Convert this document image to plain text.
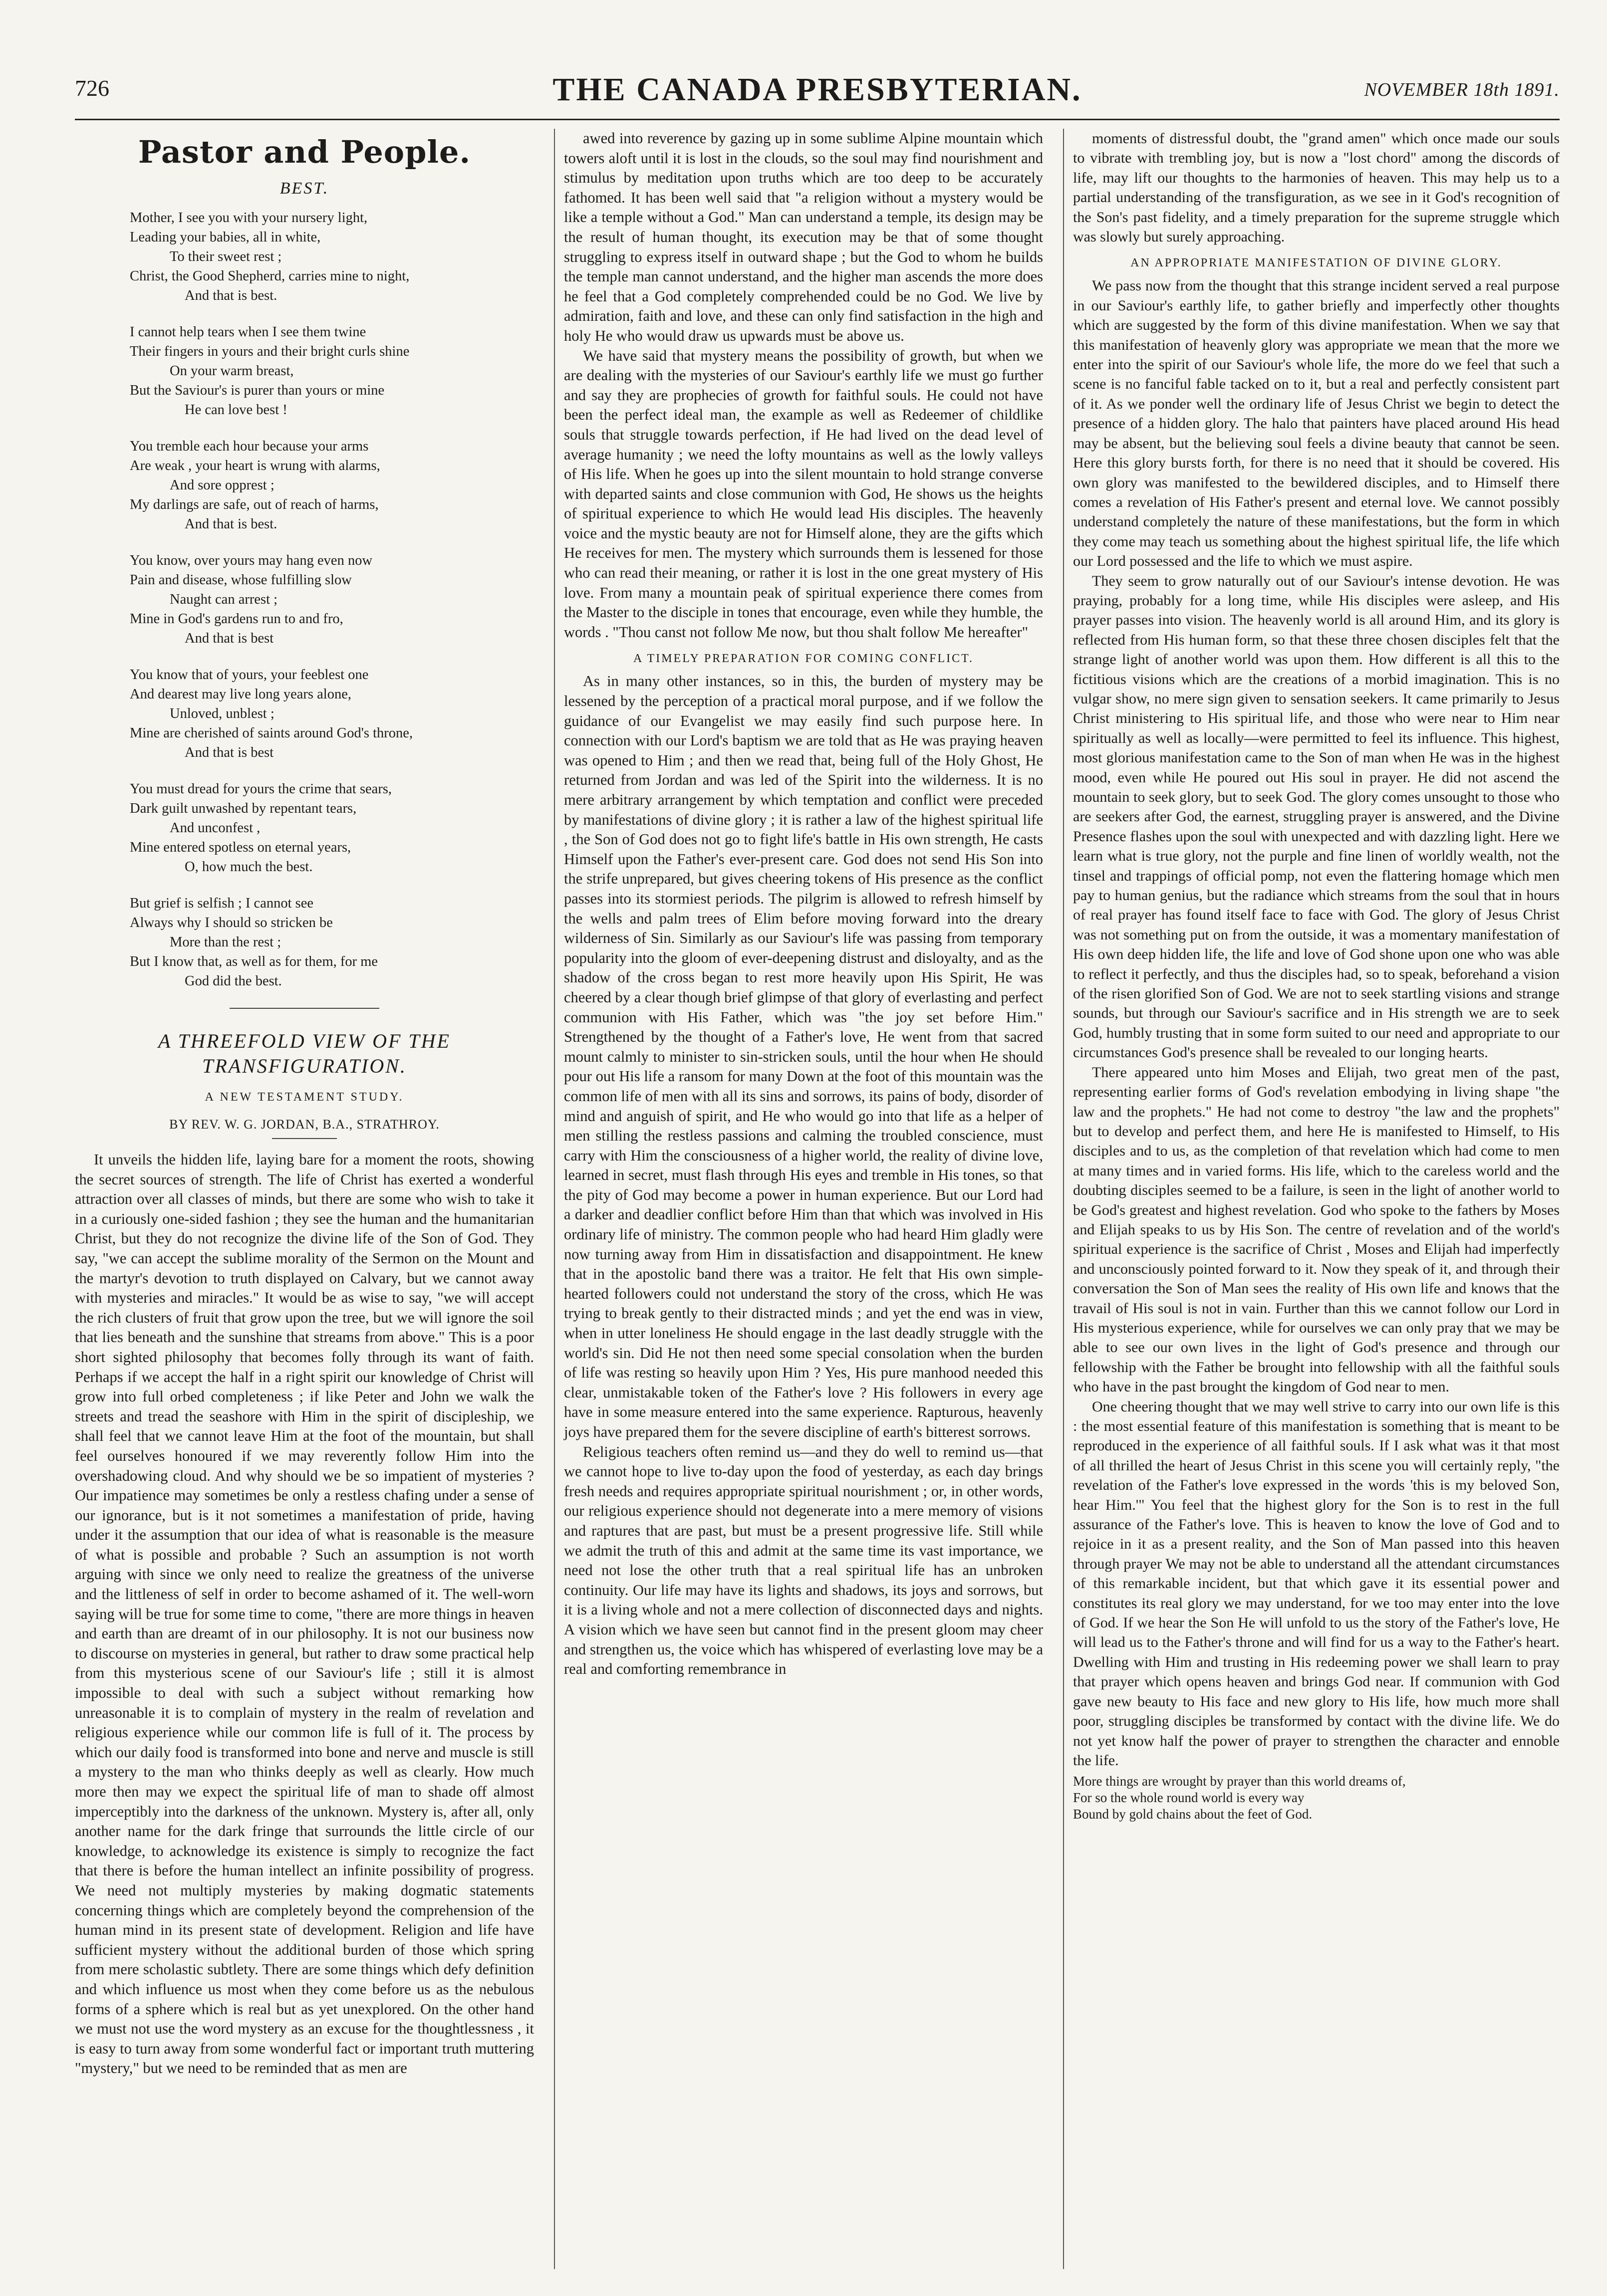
726	THE CANADA PRESBYTERIAN.	NOVEMBER 18th 1891.
Pastor and People.
BEST.
Mother, I see you with your nursery light,
Leading your babies, all in white,
To their sweet rest ;
Christ, the Good Shepherd, carries mine to night,
And that is best.
I cannot help tears when I see them twine
Their fingers in yours and their bright curls shine
On your warm breast,
But the Saviour's is purer than yours or mine
He can love best !
You tremble each hour because your arms
Are weak , your heart is wrung with alarms,
And sore opprest ;
My darlings are safe, out of reach of harms,
And that is best.
You know, over yours may hang even now
Pain and disease, whose fulfilling slow
Naught can arrest ;
Mine in God's gardens run to and fro,
And that is best
You know that of yours, your feeblest one
And dearest may live long years alone,
Unloved, unblest ;
Mine are cherished of saints around God's throne,
And that is best
You must dread for yours the crime that sears,
Dark guilt unwashed by repentant tears,
And unconfest ,
Mine entered spotless on eternal years,
O, how much the best.
But grief is selfish ; I cannot see
Always why I should so stricken be
More than the rest ;
But I know that, as well as for them, for me
God did the best.
A THREEFOLD VIEW OF THE TRANSFIGURATION.
A NEW TESTAMENT STUDY.
BY REV. W. G. JORDAN, B.A., STRATHROY.

It unveils the hidden life, laying bare for a moment the roots, showing the secret sources of strength. The life of Christ has exerted a wonderful attraction over all classes of minds, but there are some who wish to take it in a curiously one-sided fashion ; they see the human and the humanitarian Christ, but they do not recognize the divine life of the Son of God. They say, "we can accept the sublime morality of the Sermon on the Mount and the martyr's devotion to truth displayed on Calvary, but we cannot away with mysteries and miracles." It would be as wise to say, "we will accept the rich clusters of fruit that grow upon the tree, but we will ignore the soil that lies beneath and the sunshine that streams from above." This is a poor short sighted philosophy that becomes folly through its want of faith. Perhaps if we accept the half in a right spirit our knowledge of Christ will grow into full orbed completeness ; if like Peter and John we walk the streets and tread the seashore with Him in the spirit of discipleship, we shall feel that we cannot leave Him at the foot of the mountain, but shall feel ourselves honoured if we may reverently follow Him into the overshadowing cloud. And why should we be so impatient of mysteries ? Our impatience may sometimes be only a restless chafing under a sense of our ignorance, but is it not sometimes a manifestation of pride, having under it the assumption that our idea of what is reasonable is the measure of what is possible and probable ? Such an assumption is not worth arguing with since we only need to realize the greatness of the universe and the littleness of self in order to become ashamed of it. The well-worn saying will be true for some time to come, "there are more things in heaven and earth than are dreamt of in our philosophy. It is not our business now to discourse on mysteries in general, but rather to draw some practical help from this mysterious scene of our Saviour's life ; still it is almost impossible to deal with such a subject without remarking how unreasonable it is to complain of mystery in the realm of revelation and religious experience while our common life is full of it. The process by which our daily food is transformed into bone and nerve and muscle is still a mystery to the man who thinks deeply as well as clearly. How much more then may we expect the spiritual life of man to shade off almost imperceptibly into the darkness of the unknown. Mystery is, after all, only another name for the dark fringe that surrounds the little circle of our knowledge, to acknowledge its existence is simply to recognize the fact that there is before the human intellect an infinite possibility of progress. We need not multiply mysteries by making dogmatic statements concerning things which are completely beyond the comprehension of the human mind in its present state of development. Religion and life have sufficient mystery without the additional burden of those which spring from mere scholastic subtlety. There are some things which defy definition and which influence us most when they come before us as the nebulous forms of a sphere which is real but as yet unexplored. On the other hand we must not use the word mystery as an excuse for the thoughtlessness , it is easy to turn away from some wonderful fact or important truth muttering "mystery," but we need to be reminded that as men are

awed into reverence by gazing up in some sublime Alpine mountain which towers aloft until it is lost in the clouds, so the soul may find nourishment and stimulus by meditation upon truths which are too deep to be accurately fathomed. It has been well said that "a religion without a mystery would be like a temple without a God." Man can understand a temple, its design may be the result of human thought, its execution may be that of some thought struggling to express itself in outward shape ; but the God to whom he builds the temple man cannot understand, and the higher man ascends the more does he feel that a God completely comprehended could be no God. We live by admiration, faith and love, and these can only find satisfaction in the high and holy He who would draw us upwards must be above us.

We have said that mystery means the possibility of growth, but when we are dealing with the mysteries of our Saviour's earthly life we must go further and say they are prophecies of growth for faithful souls. He could not have been the perfect ideal man, the example as well as Redeemer of childlike souls that struggle towards perfection, if He had lived on the dead level of average humanity ; we need the lofty mountains as well as the lowly valleys of His life. When he goes up into the silent mountain to hold strange converse with departed saints and close communion with God, He shows us the heights of spiritual experience to which He would lead His disciples. The heavenly voice and the mystic beauty are not for Himself alone, they are the gifts which He receives for men. The mystery which surrounds them is lessened for those who can read their meaning, or rather it is lost in the one great mystery of His love. From many a mountain peak of spiritual experience there comes from the Master to the disciple in tones that encourage, even while they humble, the words . "Thou canst not follow Me now, but thou shalt follow Me hereafter"

A TIMELY PREPARATION FOR COMING CONFLICT.

As in many other instances, so in this, the burden of mystery may be lessened by the perception of a practical moral purpose, and if we follow the guidance of our Evangelist we may easily find such purpose here. In connection with our Lord's baptism we are told that as He was praying heaven was opened to Him ; and then we read that, being full of the Holy Ghost, He returned from Jordan and was led of the Spirit into the wilderness. It is no mere arbitrary arrangement by which temptation and conflict were preceded by manifestations of divine glory ; it is rather a law of the highest spiritual life , the Son of God does not go to fight life's battle in His own strength, He casts Himself upon the Father's ever-present care. God does not send His Son into the strife unprepared, but gives cheering tokens of His presence as the conflict passes into its stormiest periods. The pilgrim is allowed to refresh himself by the wells and palm trees of Elim before moving forward into the dreary wilderness of Sin. Similarly as our Saviour's life was passing from temporary popularity into the gloom of ever-deepening distrust and disloyalty, and as the shadow of the cross began to rest more heavily upon His Spirit, He was cheered by a clear though brief glimpse of that glory of everlasting and perfect communion with His Father, which was "the joy set before Him." Strengthened by the thought of a Father's love, He went from that sacred mount calmly to minister to sin-stricken souls, until the hour when He should pour out His life a ransom for many Down at the foot of this mountain was the common life of men with all its sins and sorrows, its pains of body, disorder of mind and anguish of spirit, and He who would go into that life as a helper of men stilling the restless passions and calming the troubled conscience, must carry with Him the consciousness of a higher world, the reality of divine love, learned in secret, must flash through His eyes and tremble in His tones, so that the pity of God may become a power in human experience. But our Lord had a darker and deadlier conflict before Him than that which was involved in His ordinary life of ministry. The common people who had heard Him gladly were now turning away from Him in dissatisfaction and disappointment. He knew that in the apostolic band there was a traitor. He felt that His own simple-hearted followers could not understand the story of the cross, which He was trying to break gently to their distracted minds ; and yet the end was in view, when in utter loneliness He should engage in the last deadly struggle with the world's sin. Did He not then need some special consolation when the burden of life was resting so heavily upon Him ? Yes, His pure manhood needed this clear, unmistakable token of the Father's love ? His followers in every age have in some measure entered into the same experience. Rapturous, heavenly joys have prepared them for the severe discipline of earth's bitterest sorrows.

Religious teachers often remind us—and they do well to remind us—that we cannot hope to live to-day upon the food of yesterday, as each day brings fresh needs and requires appropriate spiritual nourishment ; or, in other words, our religious experience should not degenerate into a mere memory of visions and raptures that are past, but must be a present progressive life. Still while we admit the truth of this and admit at the same time its vast importance, we need not lose the other truth that a real spiritual life has an unbroken continuity. Our life may have its lights and shadows, its joys and sorrows, but it is a living whole and not a mere collection of disconnected days and nights. A vision which we have seen but cannot find in the present gloom may cheer and strengthen us, the voice which has whispered of everlasting love may be a real and comforting remembrance in

moments of distressful doubt, the "grand amen" which once made our souls to vibrate with trembling joy, but is now a "lost chord" among the discords of life, may lift our thoughts to the harmonies of heaven. This may help us to a partial understanding of the transfiguration, as we see in it God's recognition of the Son's past fidelity, and a timely preparation for the supreme struggle which was slowly but surely approaching.

AN APPROPRIATE MANIFESTATION OF DIVINE GLORY.

We pass now from the thought that this strange incident served a real purpose in our Saviour's earthly life, to gather briefly and imperfectly other thoughts which are suggested by the form of this divine manifestation. When we say that this manifestation of heavenly glory was appropriate we mean that the more we enter into the spirit of our Saviour's whole life, the more do we feel that such a scene is no fanciful fable tacked on to it, but a real and perfectly consistent part of it. As we ponder well the ordinary life of Jesus Christ we begin to detect the presence of a hidden glory. The halo that painters have placed around His head may be absent, but the believing soul feels a divine beauty that cannot be seen. Here this glory bursts forth, for there is no need that it should be covered. His own glory was manifested to the bewildered disciples, and to Himself there comes a revelation of His Father's present and eternal love. We cannot possibly understand completely the nature of these manifestations, but the form in which they come may teach us something about the highest spiritual life, the life which our Lord possessed and the life to which we must aspire.

They seem to grow naturally out of our Saviour's intense devotion. He was praying, probably for a long time, while His disciples were asleep, and His prayer passes into vision. The heavenly world is all around Him, and its glory is reflected from His human form, so that these three chosen disciples felt that the strange light of another world was upon them. How different is all this to the fictitious visions which are the creations of a morbid imagination. This is no vulgar show, no mere sign given to sensation seekers. It came primarily to Jesus Christ ministering to His spiritual life, and those who were near to Him near spiritually as well as locally—were permitted to feel its influence. This highest, most glorious manifestation came to the Son of man when He was in the highest mood, even while He poured out His soul in prayer. He did not ascend the mountain to seek glory, but to seek God. The glory comes unsought to those who are seekers after God, the earnest, struggling prayer is answered, and the Divine Presence flashes upon the soul with unexpected and with dazzling light. Here we learn what is true glory, not the purple and fine linen of worldly wealth, not the tinsel and trappings of official pomp, not even the flattering homage which men pay to human genius, but the radiance which streams from the soul that in hours of real prayer has found itself face to face with God. The glory of Jesus Christ was not something put on from the outside, it was a momentary manifestation of His own deep hidden life, the life and love of God shone upon one who was able to reflect it perfectly, and thus the disciples had, so to speak, beforehand a vision of the risen glorified Son of God. We are not to seek startling visions and strange sounds, but through our Saviour's sacrifice and in His strength we are to seek God, humbly trusting that in some form suited to our need and appropriate to our circumstances God's presence shall be revealed to our longing hearts.

There appeared unto him Moses and Elijah, two great men of the past, representing earlier forms of God's revelation embodying in living shape "the law and the prophets." He had not come to destroy "the law and the prophets" but to develop and perfect them, and here He is manifested to Himself, to His disciples and to us, as the completion of that revelation which had come to men at many times and in varied forms. His life, which to the careless world and the doubting disciples seemed to be a failure, is seen in the light of another world to be God's greatest and highest revelation. God who spoke to the fathers by Moses and Elijah speaks to us by His Son. The centre of revelation and of the world's spiritual experience is the sacrifice of Christ , Moses and Elijah had imperfectly and unconsciously pointed forward to it. Now they speak of it, and through their conversation the Son of Man sees the reality of His own life and knows that the travail of His soul is not in vain. Further than this we cannot follow our Lord in His mysterious experience, while for ourselves we can only pray that we may be able to see our own lives in the light of God's presence and through our fellowship with the Father be brought into fellowship with all the faithful souls who have in the past brought the kingdom of God near to men.

One cheering thought that we may well strive to carry into our own life is this : the most essential feature of this manifestation is something that is meant to be reproduced in the experience of all faithful souls. If I ask what was it that most of all thrilled the heart of Jesus Christ in this scene you will certainly reply, "the revelation of the Father's love expressed in the words 'this is my beloved Son, hear Him.'" You feel that the highest glory for the Son is to rest in the full assurance of the Father's love. This is heaven to know the love of God and to rejoice in it as a present reality, and the Son of Man passed into this heaven through prayer We may not be able to understand all the attendant circumstances of this remarkable incident, but that which gave it its essential power and constitutes its real glory we may understand, for we too may enter into the love of God. If we hear the Son He will unfold to us the story of the Father's love, He will lead us to the Father's throne and will find for us a way to the Father's heart. Dwelling with Him and trusting in His redeeming power we shall learn to pray that prayer which opens heaven and brings God near. If communion with God gave new beauty to His face and new glory to His life, how much more shall poor, struggling disciples be transformed by contact with the divine life. We do not yet know half the power of prayer to strengthen the character and ennoble the life.

More things are wrought by prayer than this world dreams of,
For so the whole round world is every way
Bound by gold chains about the feet of God.
